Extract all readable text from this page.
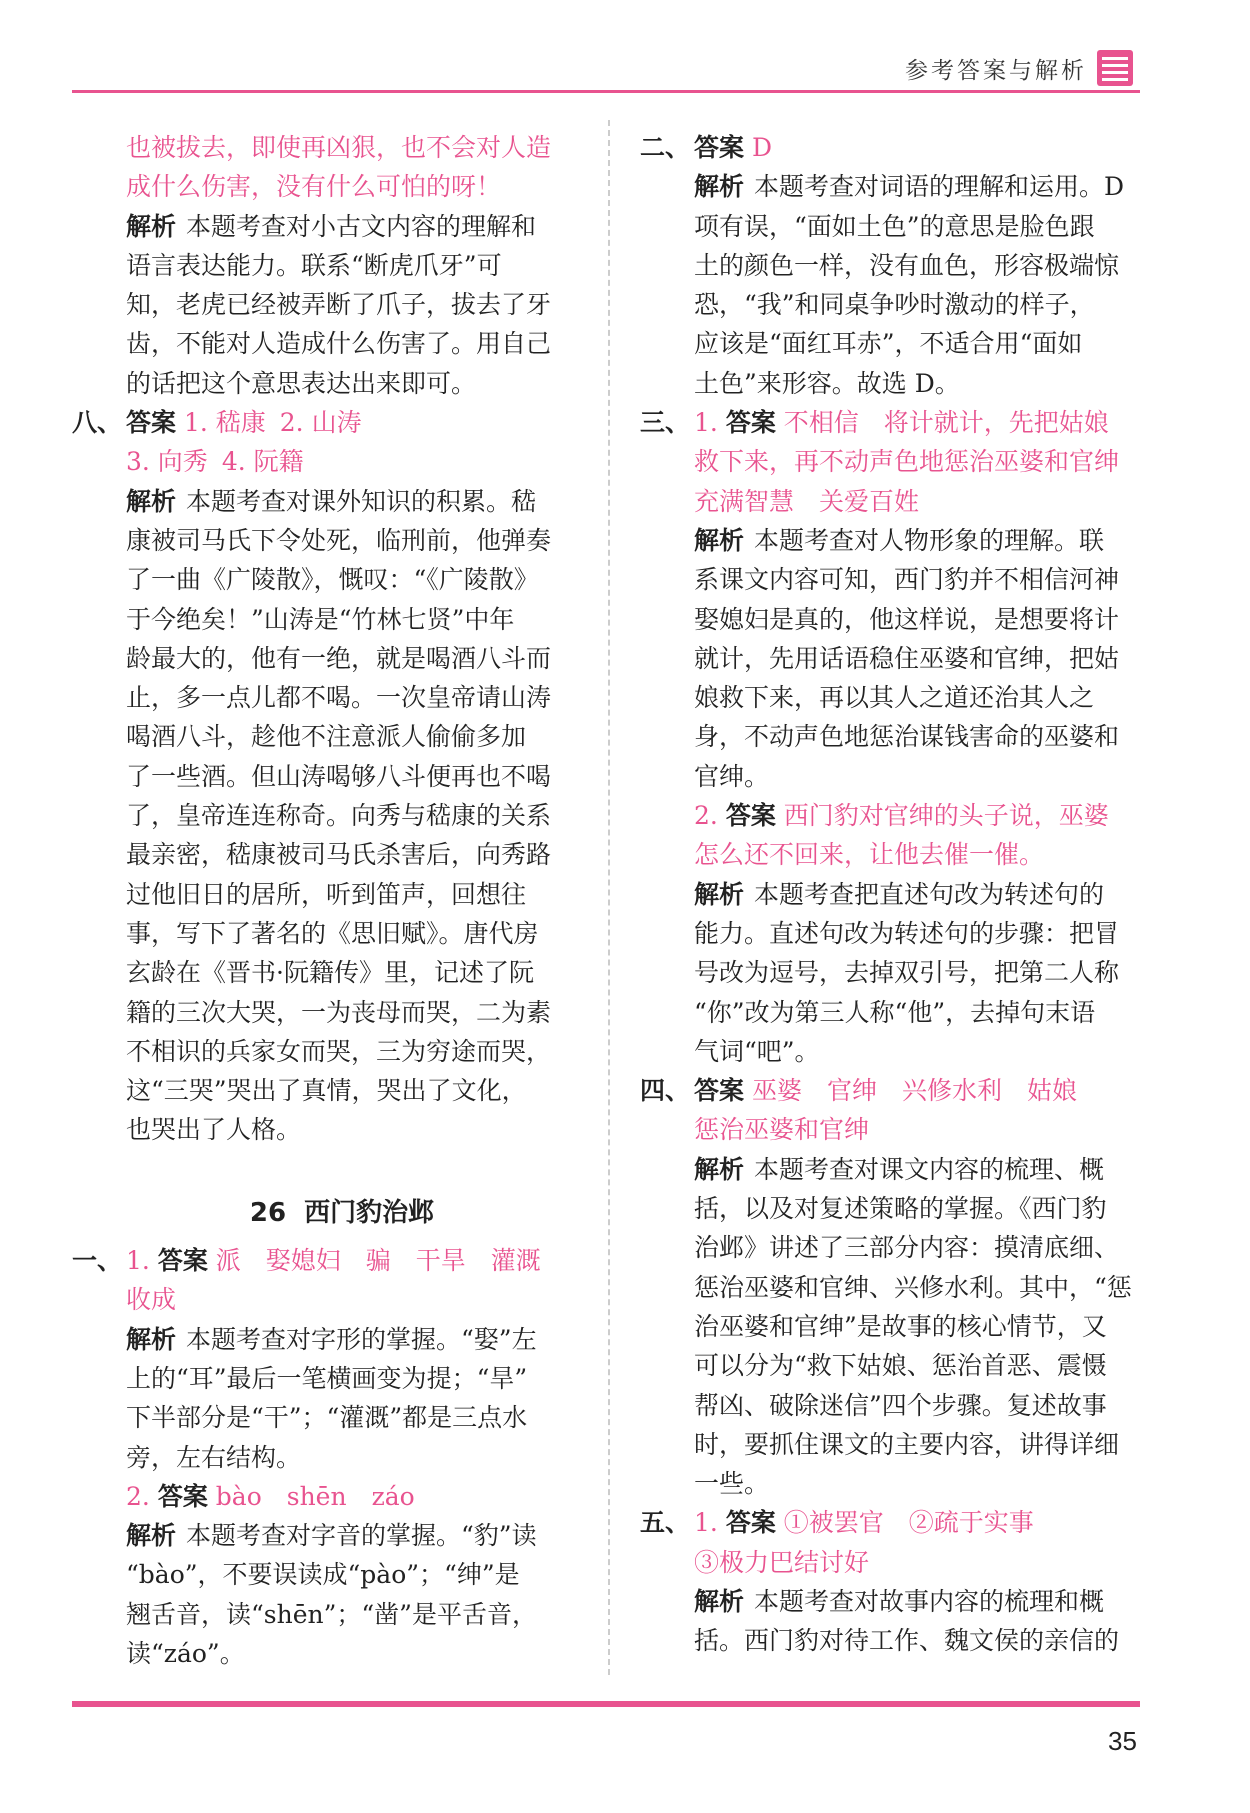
参考答案与解析

也被拔去，即使再凶狠，也不会对人造

成什么伤害，没有什么可怕的呀！

解析 本题考查对小古文内容的理解和

语言表达能力。联系“断虎爪牙”可

知，老虎已经被弄断了爪子，拔去了牙

齿，不能对人造成什么伤害了。用自己

的话把这个意思表达出来即可。

八、 答案 1. 嵇康 2. 山涛

3. 向秀 4. 阮籍

解析 本题考查对课外知识的积累。嵇

康被司马氏下令处死，临刑前，他弹奏

了一曲《广陵散》，慨叹：“《广陵散》

于今绝矣！”山涛是“竹林七贤”中年

龄最大的，他有一绝，就是喝酒八斗而

止，多一点儿都不喝。一次皇帝请山涛

喝酒八斗，趁他不注意派人偷偷多加

了一些酒。但山涛喝够八斗便再也不喝

了，皇帝连连称奇。向秀与嵇康的关系

最亲密，嵇康被司马氏杀害后，向秀路

过他旧日的居所，听到笛声，回想往

事，写下了著名的《思旧赋》。唐代房

玄龄在《晋书·阮籍传》里，记述了阮

籍的三次大哭，一为丧母而哭，二为素

不相识的兵家女而哭，三为穷途而哭，

这“三哭”哭出了真情，哭出了文化，

也哭出了人格。

26 西门豹治邺

一、 1. 答案 派　娶媳妇　骗　干旱　灌溉

收成

解析 本题考查对字形的掌握。“娶”左

上的“耳”最后一笔横画变为提；“旱”

下半部分是“干”；“灌溉”都是三点水

旁，左右结构。

2. 答案 bào　shēn　záo

解析 本题考查对字音的掌握。“豹”读

“bào”，不要误读成“pào”；“绅”是

翘舌音，读“shēn”；“凿”是平舌音，

读“záo”。

二、 答案 D

解析 本题考查对词语的理解和运用。D

项有误，“面如土色”的意思是脸色跟

土的颜色一样，没有血色，形容极端惊

恐，“我”和同桌争吵时激动的样子，

应该是“面红耳赤”，不适合用“面如

土色”来形容。故选 D。

三、 1. 答案 不相信　将计就计，先把姑娘

救下来，再不动声色地惩治巫婆和官绅

充满智慧　关爱百姓

解析 本题考查对人物形象的理解。联

系课文内容可知，西门豹并不相信河神

娶媳妇是真的，他这样说，是想要将计

就计，先用话语稳住巫婆和官绅，把姑

娘救下来，再以其人之道还治其人之

身，不动声色地惩治谋钱害命的巫婆和

官绅。

2. 答案 西门豹对官绅的头子说，巫婆

怎么还不回来，让他去催一催。

解析 本题考查把直述句改为转述句的

能力。直述句改为转述句的步骤：把冒

号改为逗号，去掉双引号，把第二人称

“你”改为第三人称“他”，去掉句末语

气词“吧”。

四、 答案 巫婆　官绅　兴修水利　姑娘

惩治巫婆和官绅

解析 本题考查对课文内容的梳理、概

括，以及对复述策略的掌握。《西门豹

治邺》讲述了三部分内容：摸清底细、

惩治巫婆和官绅、兴修水利。其中，“惩

治巫婆和官绅”是故事的核心情节，又

可以分为“救下姑娘、惩治首恶、震慑

帮凶、破除迷信”四个步骤。复述故事

时，要抓住课文的主要内容，讲得详细

一些。

五、 1. 答案 ①被罢官　②疏于实事

③极力巴结讨好

解析 本题考查对故事内容的梳理和概

括。西门豹对待工作、魏文侯的亲信的

35
